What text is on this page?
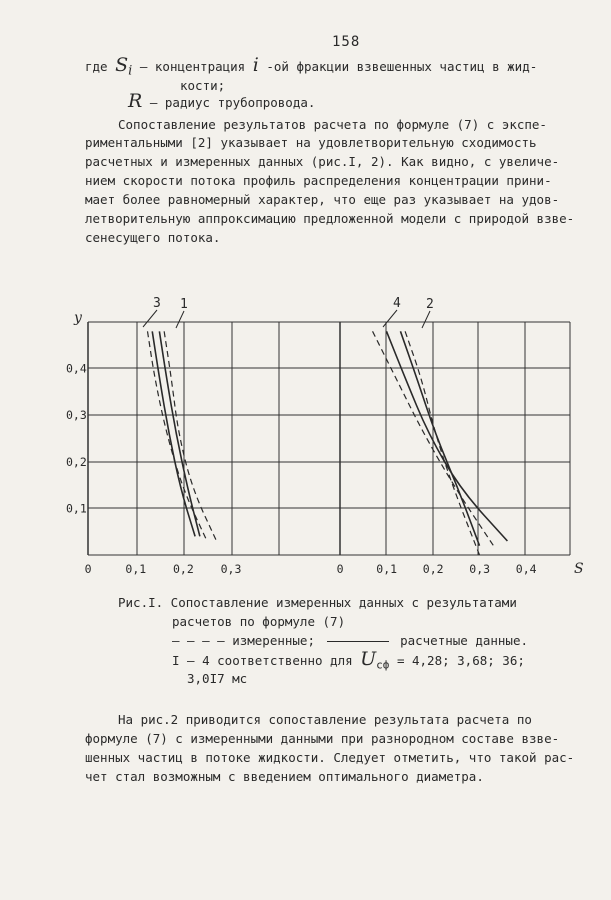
158
где $S_i$ – концентрация i -ой фракции взвешенных частиц в жид-
кости;
R – радиус трубопровода.
Сопоставление результатов расчета по формуле (7) с экспе-
риментальными [2] указывает на удовлетворительную сходимость
расчетных и измеренных данных (рис.I, 2). Как видно, с увеличе-
нием скорости потока профиль распределения концентрации прини-
мает более равномерный характер, что еще раз указывает на удов-
летворительную аппроксимацию предложенной модели с природой взве-
сенесущего потока.
y
0,4
0,3
0,2
0,1
0	0,1 0,2 0,3
3 1
0	0,1 0,2 0,3 0,4
4 2
S
Рис.I. Сопоставление измеренных данных с результатами
расчетов по формуле (7)
– – – – измеренные;	расчетные данные.
I – 4 соответственно для $U_{сф} = 4,28$; 3,68; 36;
3,0I7 мс
На рис.2 приводится сопоставление результата расчета по
формуле (7) с измеренными данными при разнородном составе взве-
шенных частиц в потоке жидкости. Следует отметить, что такой рас-
чет стал возможным с введением оптимального диаметра.
